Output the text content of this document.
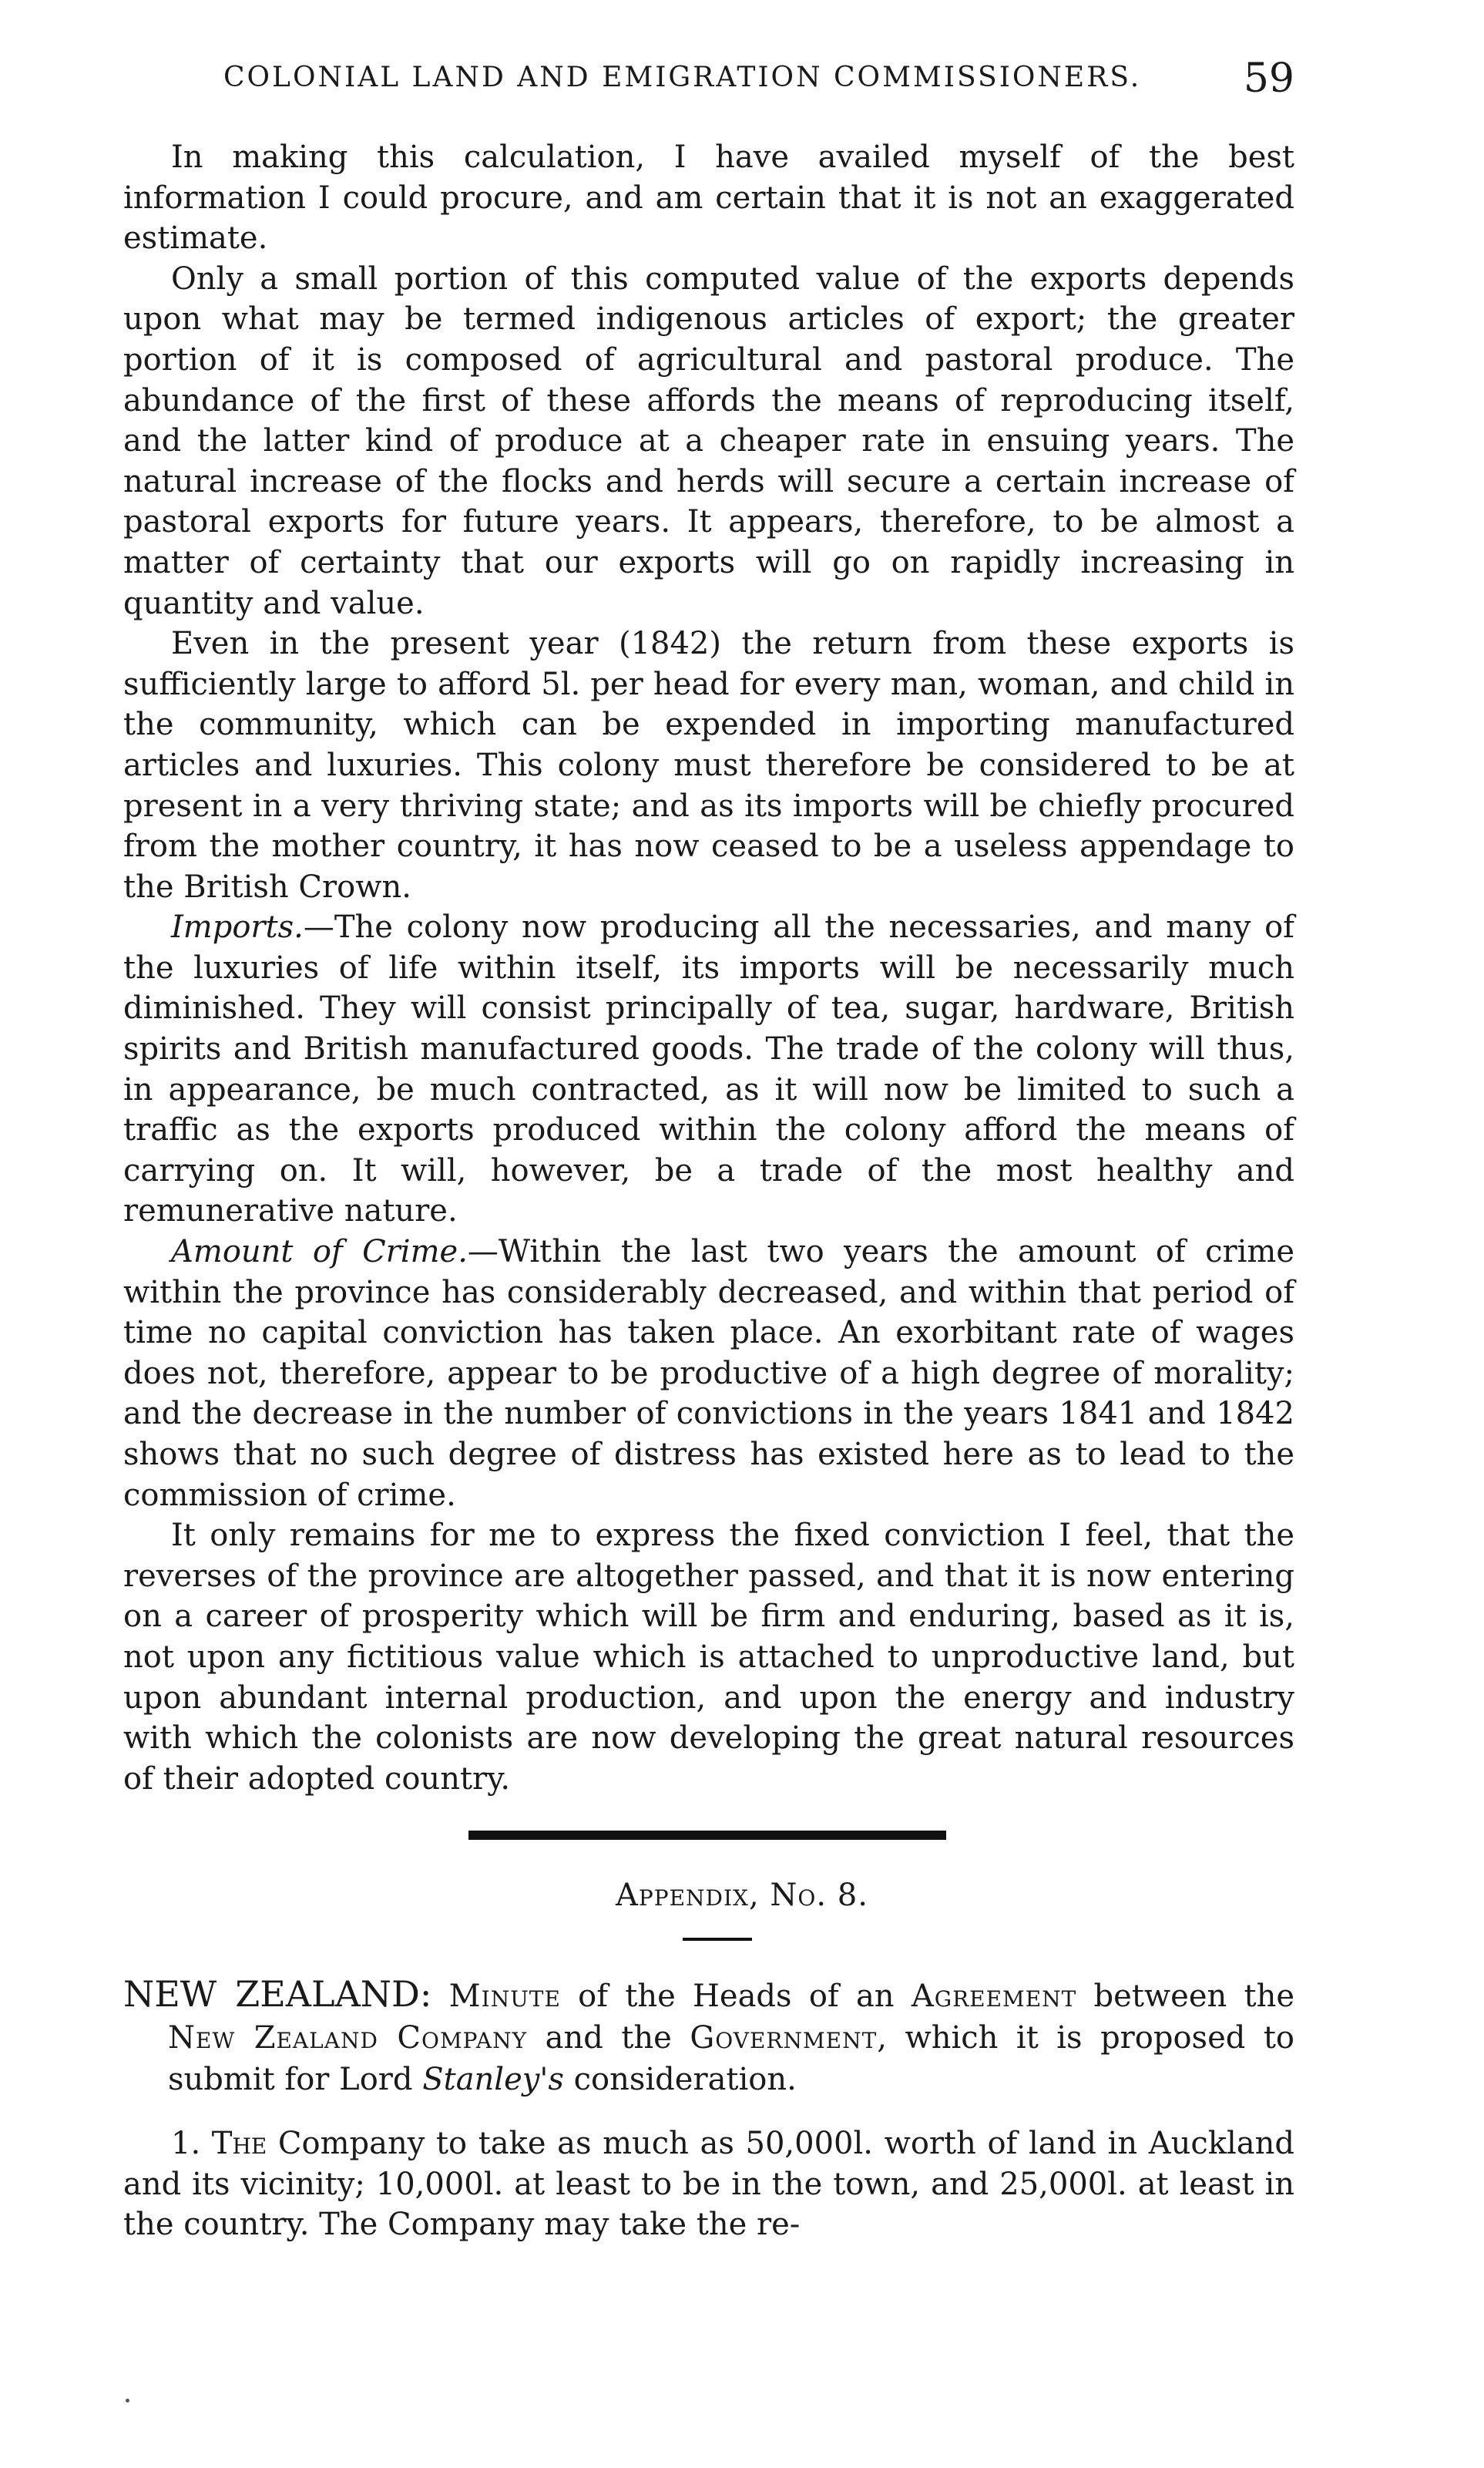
COLONIAL LAND AND EMIGRATION COMMISSIONERS.	59

In making this calculation, I have availed myself of the best information I could procure, and am certain that it is not an exaggerated estimate.

Only a small portion of this computed value of the exports depends upon what may be termed indigenous articles of export; the greater portion of it is composed of agricultural and pastoral produce. The abundance of the first of these affords the means of reproducing itself, and the latter kind of produce at a cheaper rate in ensuing years. The natural increase of the flocks and herds will secure a certain increase of pastoral exports for future years. It appears, therefore, to be almost a matter of certainty that our exports will go on rapidly increasing in quantity and value.

Even in the present year (1842) the return from these exports is sufficiently large to afford 5l. per head for every man, woman, and child in the community, which can be expended in importing manufactured articles and luxuries. This colony must therefore be considered to be at present in a very thriving state; and as its imports will be chiefly procured from the mother country, it has now ceased to be a useless appendage to the British Crown.

Imports.—The colony now producing all the necessaries, and many of the luxuries of life within itself, its imports will be necessarily much diminished. They will consist principally of tea, sugar, hardware, British spirits and British manufactured goods. The trade of the colony will thus, in appearance, be much contracted, as it will now be limited to such a traffic as the exports produced within the colony afford the means of carrying on. It will, however, be a trade of the most healthy and remunerative nature.

Amount of Crime.—Within the last two years the amount of crime within the province has considerably decreased, and within that period of time no capital conviction has taken place. An exorbitant rate of wages does not, therefore, appear to be productive of a high degree of morality; and the decrease in the number of convictions in the years 1841 and 1842 shows that no such degree of distress has existed here as to lead to the commission of crime.

It only remains for me to express the fixed conviction I feel, that the reverses of the province are altogether passed, and that it is now entering on a career of prosperity which will be firm and enduring, based as it is, not upon any fictitious value which is attached to unproductive land, but upon abundant internal production, and upon the energy and industry with which the colonists are now developing the great natural resources of their adopted country.

Appendix, No. 8.
NEW ZEALAND: Minute of the Heads of an Agreement between the New Zealand Company and the Government, which it is proposed to submit for Lord Stanley's consideration.

1. The Company to take as much as 50,000l. worth of land in Auckland and its vicinity; 10,000l. at least to be in the town, and 25,000l. at least in the country. The Company may take the re-
